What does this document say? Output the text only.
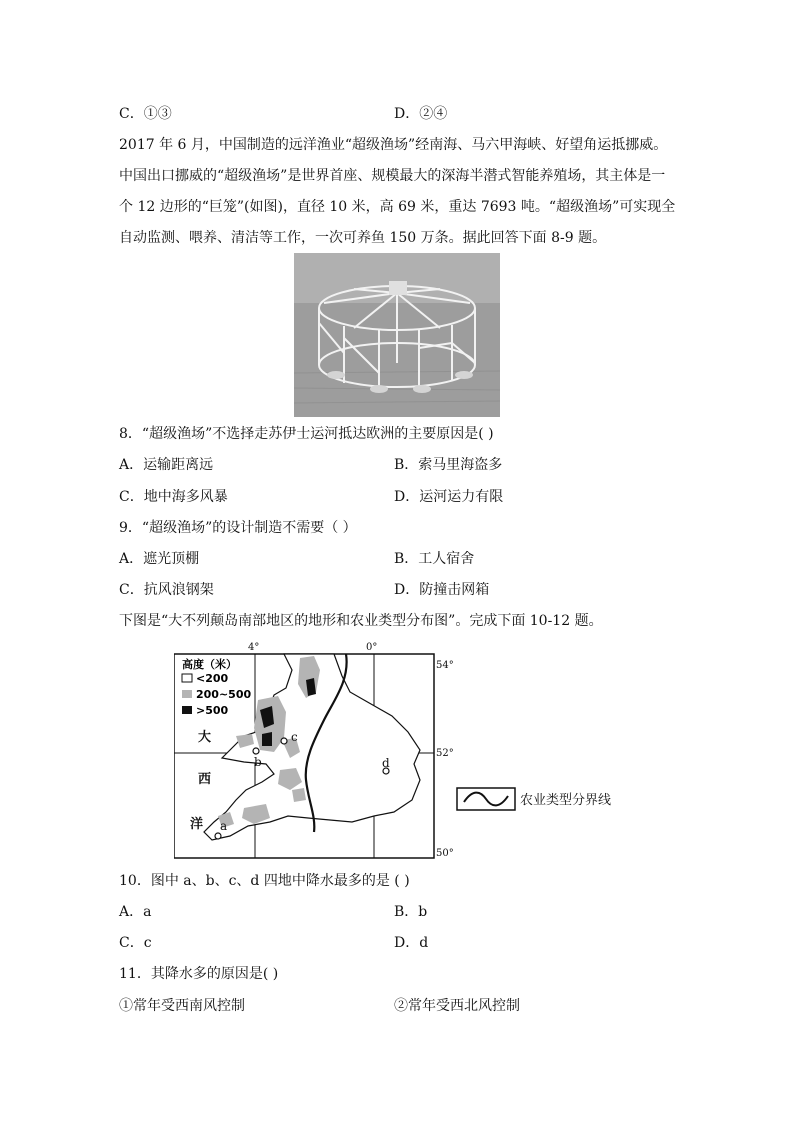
C．①③	D．②④
2017 年 6 月，中国制造的远洋渔业“超级渔场”经南海、马六甲海峡、好望角运抵挪威。
中国出口挪威的“超级渔场”是世界首座、规模最大的深海半潜式智能养殖场，其主体是一
个 12 边形的“巨笼”(如图)，直径 10 米，高 69 米，重达 7693 吨。“超级渔场”可实现全
自动监测、喂养、清洁等工作，一次可养鱼 150 万条。据此回答下面 8-9 题。
8．“超级渔场”不选择走苏伊士运河抵达欧洲的主要原因是( )
A．运输距离远	B．索马里海盗多
C．地中海多风暴	D．运河运力有限
9．“超级渔场”的设计制造不需要（ ）
A．遮光顶棚	B．工人宿舍
C．抗风浪钢架	D．防撞击网箱
下图是“大不列颠岛南部地区的地形和农业类型分布图”。完成下面 10-12 题。
b
c
d
a
大
西
洋
4°	0°
54°
52°
50°
高度（米）
<200
200~500
>500
农业类型分界线
10．图中 a、b、c、d 四地中降水最多的是 ( )
A．a	B．b
C．c	D．d
11．其降水多的原因是( )
①常年受西南风控制	②常年受西北风控制
